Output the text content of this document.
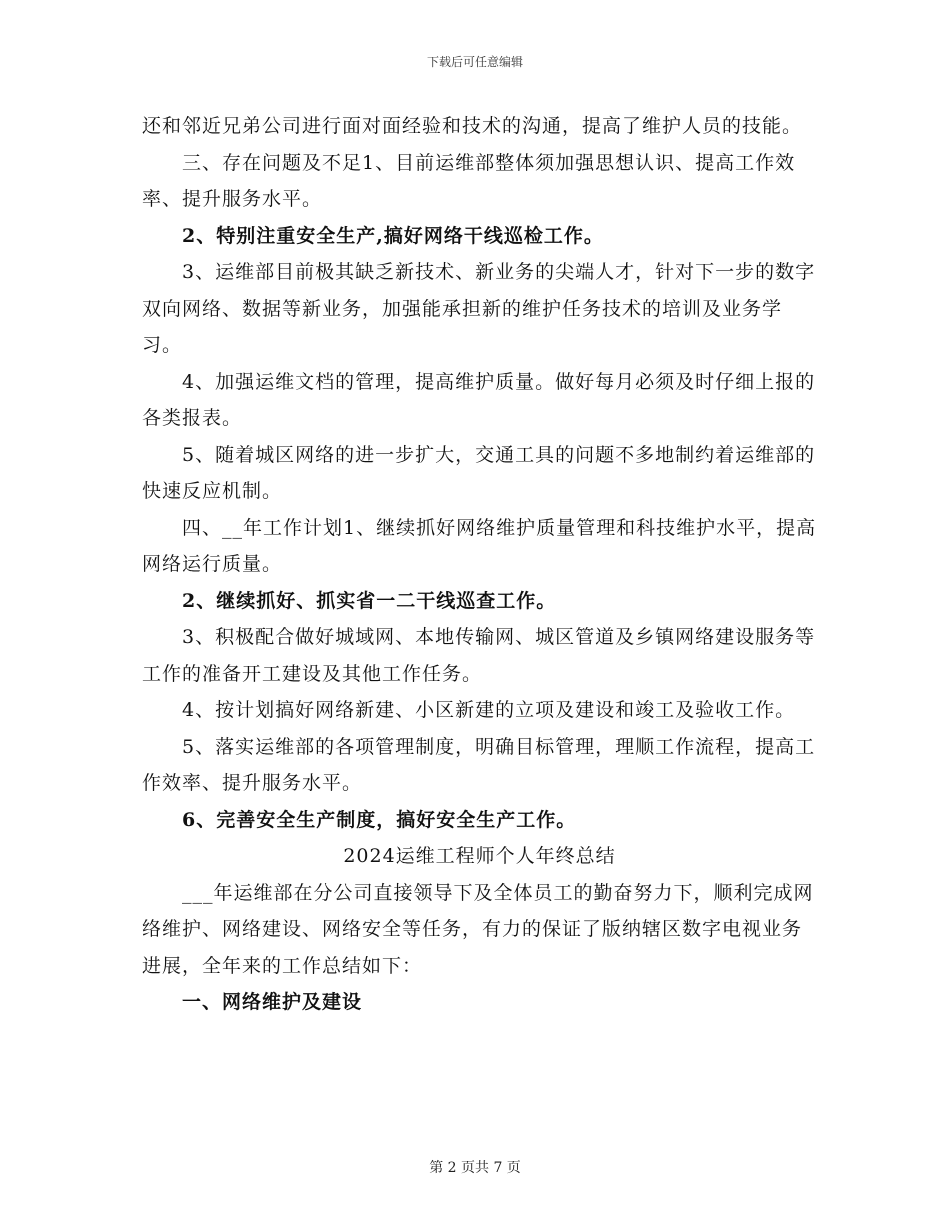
下载后可任意编辑

还和邻近兄弟公司进行面对面经验和技术的沟通，提高了维护人员的技能。

三、存在问题及不足1、目前运维部整体须加强思想认识、提高工作效率、提升服务水平。

2、特别注重安全生产,搞好网络干线巡检工作。

3、运维部目前极其缺乏新技术、新业务的尖端人才，针对下一步的数字双向网络、数据等新业务，加强能承担新的维护任务技术的培训及业务学习。

4、加强运维文档的管理，提高维护质量。做好每月必须及时仔细上报的各类报表。

5、随着城区网络的进一步扩大，交通工具的问题不多地制约着运维部的快速反应机制。

四、__年工作计划1、继续抓好网络维护质量管理和科技维护水平，提高网络运行质量。

2、继续抓好、抓实省一二干线巡查工作。

3、积极配合做好城域网、本地传输网、城区管道及乡镇网络建设服务等工作的准备开工建设及其他工作任务。

4、按计划搞好网络新建、小区新建的立项及建设和竣工及验收工作。

5、落实运维部的各项管理制度，明确目标管理，理顺工作流程，提高工作效率、提升服务水平。

6、完善安全生产制度，搞好安全生产工作。

2024运维工程师个人年终总结

___年运维部在分公司直接领导下及全体员工的勤奋努力下，顺利完成网络维护、网络建设、网络安全等任务，有力的保证了版纳辖区数字电视业务进展，全年来的工作总结如下：

一、网络维护及建设

第 2 页共 7 页
